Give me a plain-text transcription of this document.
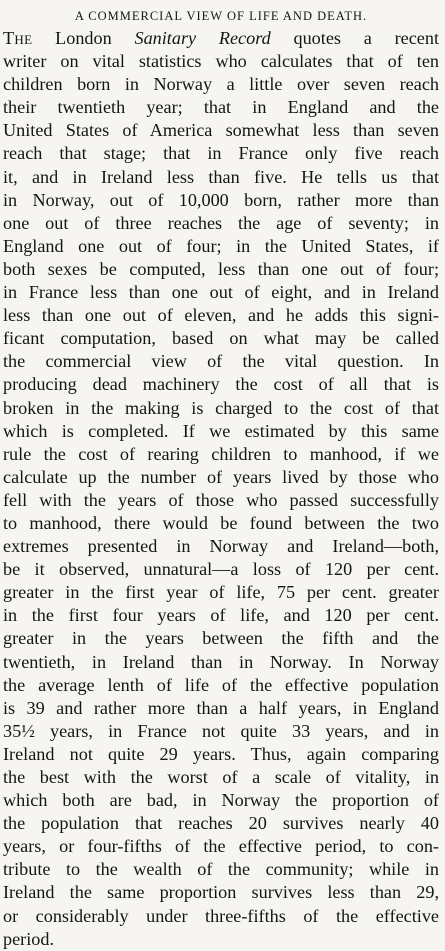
A COMMERCIAL VIEW OF LIFE AND DEATH.
The London Sanitary Record quotes a recent
writer on vital statistics who calculates that of ten
children born in Norway a little over seven reach
their twentieth year; that in England and the
United States of America somewhat less than seven
reach that stage; that in France only five reach
it, and in Ireland less than five. He tells us that
in Norway, out of 10,000 born, rather more than
one out of three reaches the age of seventy; in
England one out of four; in the United States, if
both sexes be computed, less than one out of four;
in France less than one out of eight, and in Ireland
less than one out of eleven, and he adds this signi-
ficant computation, based on what may be called
the commercial view of the vital question. In
producing dead machinery the cost of all that is
broken in the making is charged to the cost of that
which is completed. If we estimated by this same
rule the cost of rearing children to manhood, if we
calculate up the number of years lived by those who
fell with the years of those who passed successfully
to manhood, there would be found between the two
extremes presented in Norway and Ireland—both,
be it observed, unnatural—a loss of 120 per cent.
greater in the first year of life, 75 per cent. greater
in the first four years of life, and 120 per cent.
greater in the years between the fifth and the
twentieth, in Ireland than in Norway. In Norway
the average lenth of life of the effective population
is 39 and rather more than a half years, in England
35½ years, in France not quite 33 years, and in
Ireland not quite 29 years. Thus, again comparing
the best with the worst of a scale of vitality, in
which both are bad, in Norway the proportion of
the population that reaches 20 survives nearly 40
years, or four-fifths of the effective period, to con-
tribute to the wealth of the community; while in
Ireland the same proportion survives less than 29,
or considerably under three-fifths of the effective
period.
